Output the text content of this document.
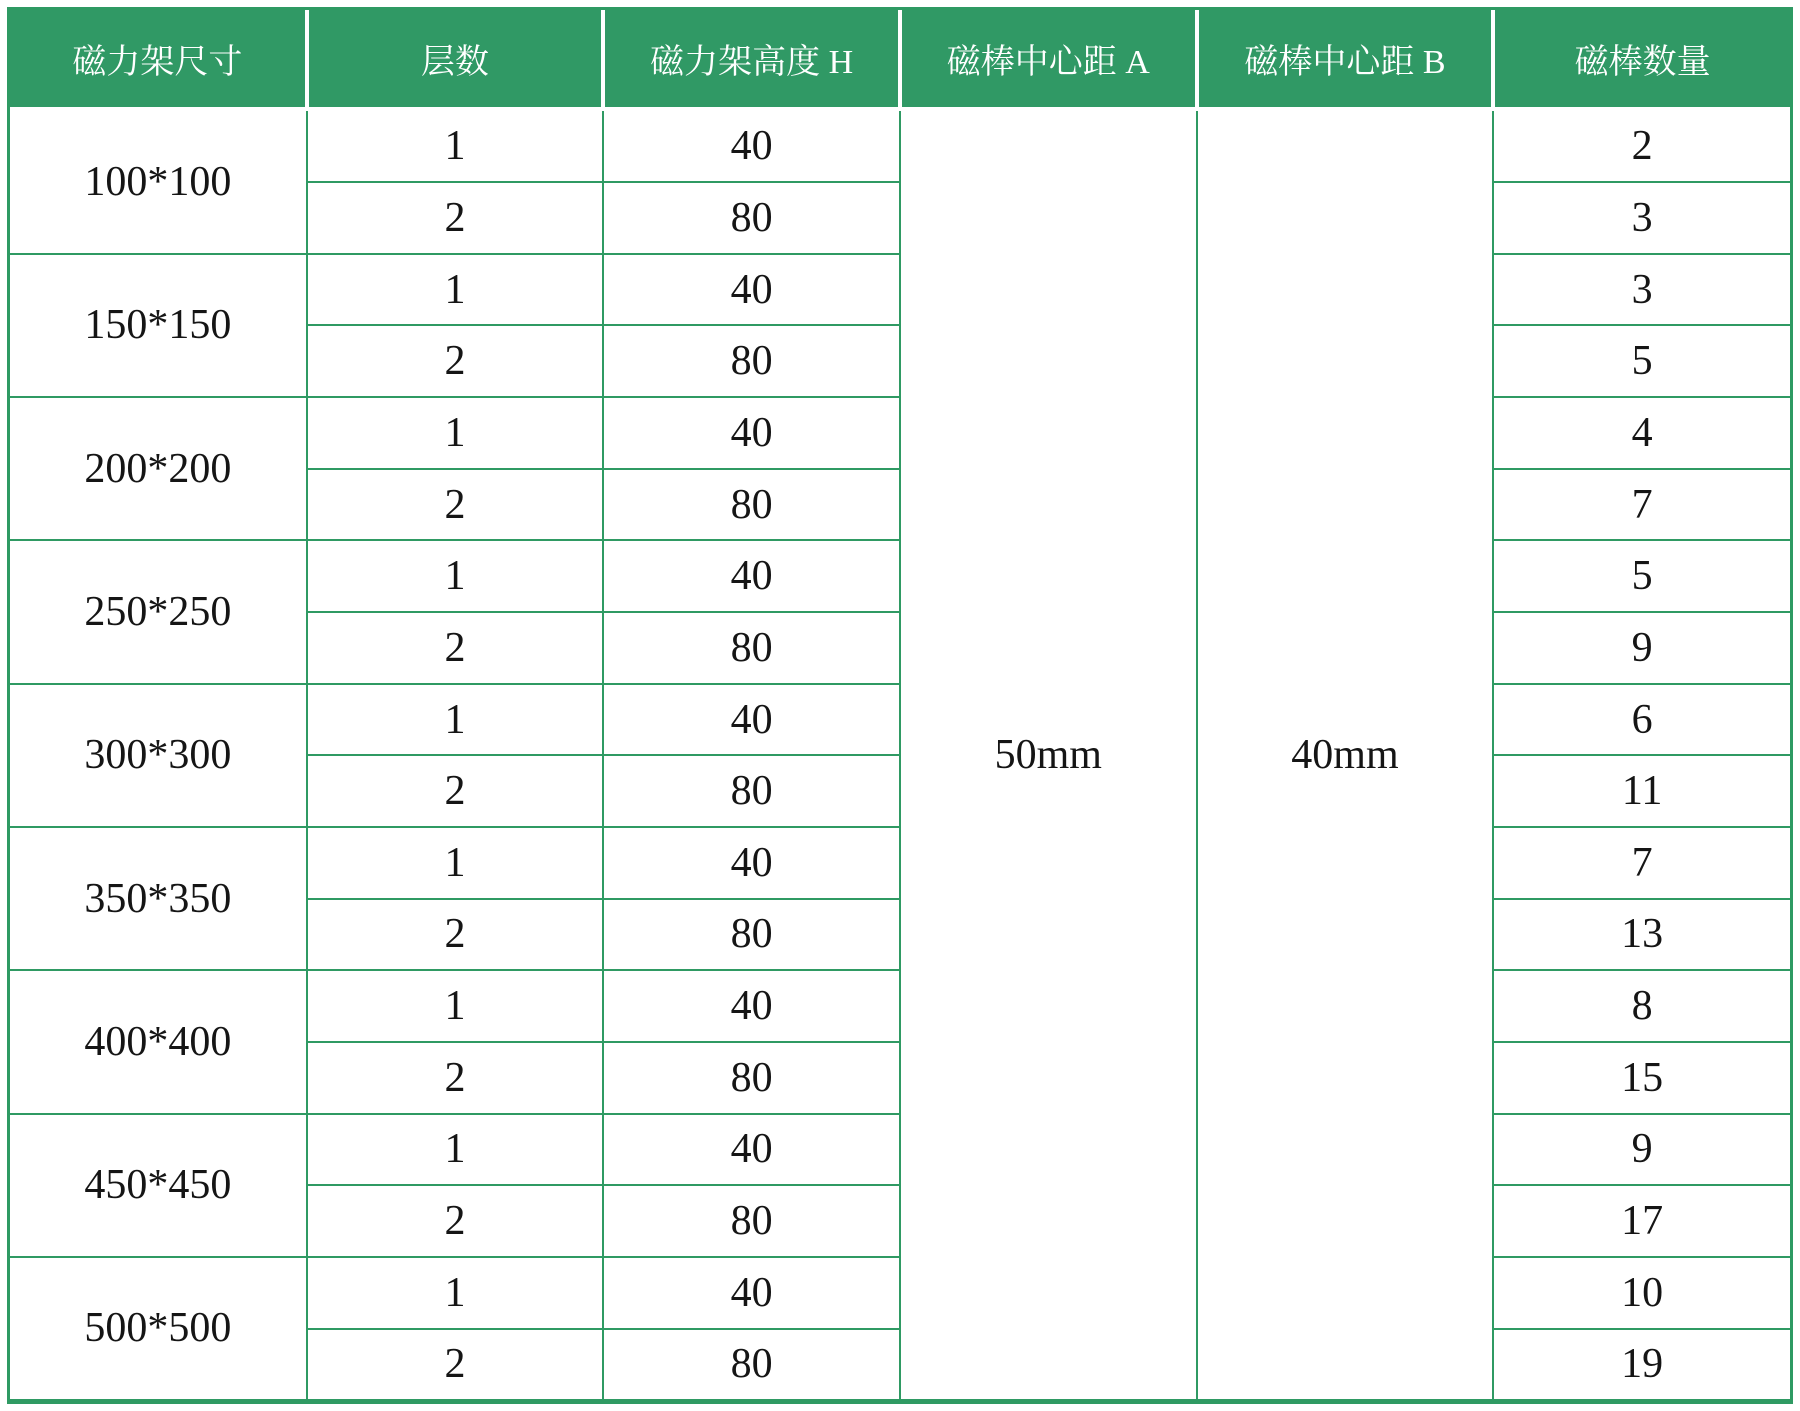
磁力架尺寸	层数	磁力架高度 H	磁棒中心距 A	磁棒中心距 B	磁棒数量
100*100	1	40	50mm	40mm	2
	2	80			3
150*150	1	40			3
	2	80			5
200*200	1	40			4
	2	80			7
250*250	1	40			5
	2	80			9
300*300	1	40			6
	2	80			11
350*350	1	40			7
	2	80			13
400*400	1	40			8
	2	80			15
450*450	1	40			9
	2	80			17
500*500	1	40			10
	2	80			19
